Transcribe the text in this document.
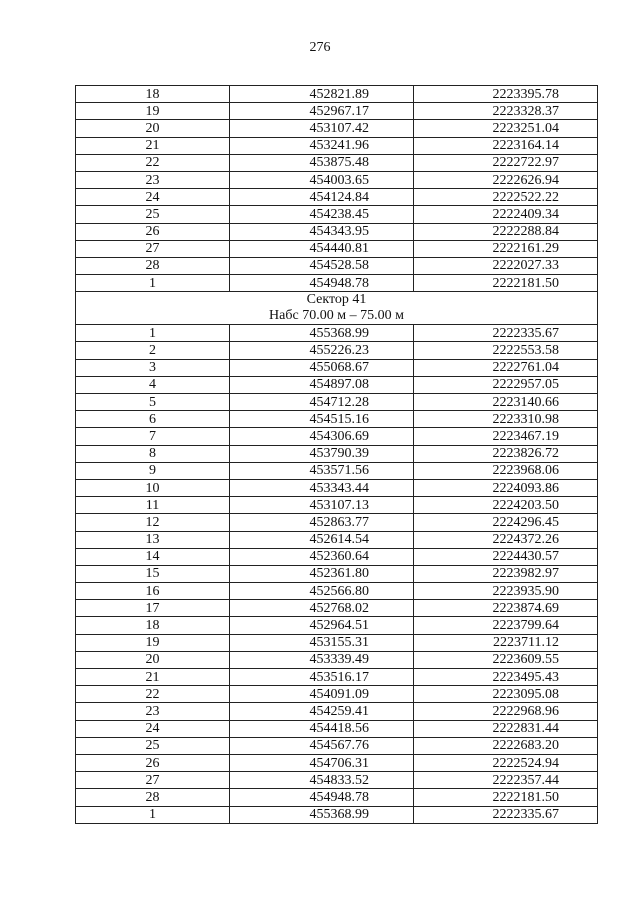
276
18	452821.89	2223395.78
19	452967.17	2223328.37
20	453107.42	2223251.04
21	453241.96	2223164.14
22	453875.48	2222722.97
23	454003.65	2222626.94
24	454124.84	2222522.22
25	454238.45	2222409.34
26	454343.95	2222288.84
27	454440.81	2222161.29
28	454528.58	2222027.33
1	454948.78	2222181.50

Сектор 41
Набс 70.00 м – 75.00 м		

1	455368.99	2222335.67
2	455226.23	2222553.58
3	455068.67	2222761.04
4	454897.08	2222957.05
5	454712.28	2223140.66
6	454515.16	2223310.98
7	454306.69	2223467.19
8	453790.39	2223826.72
9	453571.56	2223968.06
10	453343.44	2224093.86
11	453107.13	2224203.50
12	452863.77	2224296.45
13	452614.54	2224372.26
14	452360.64	2224430.57
15	452361.80	2223982.97
16	452566.80	2223935.90
17	452768.02	2223874.69
18	452964.51	2223799.64
19	453155.31	2223711.12
20	453339.49	2223609.55
21	453516.17	2223495.43
22	454091.09	2223095.08
23	454259.41	2222968.96
24	454418.56	2222831.44
25	454567.76	2222683.20
26	454706.31	2222524.94
27	454833.52	2222357.44
28	454948.78	2222181.50
1	455368.99	2222335.67
